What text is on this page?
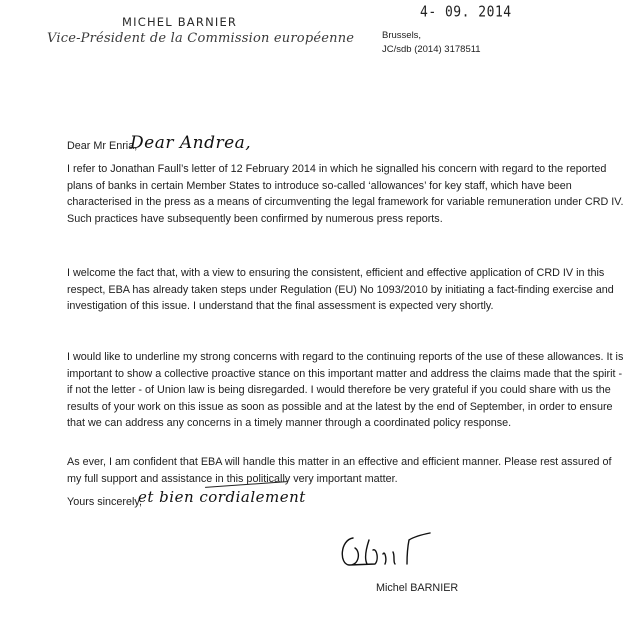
MICHEL BARNIER
Vice-Président de la Commission européenne
4- 09. 2014
Brussels,
JC/sdb (2014) 3178511
Dear Mr Enria,
Dear Andrea,

I refer to Jonathan Faull’s letter of 12 February 2014 in which he signalled his concern with regard to the reported plans of banks in certain Member States to introduce so-called ‘allowances’ for key staff, which have been characterised in the press as a means of circumventing the legal framework for variable remuneration under CRD IV. Such practices have subsequently been confirmed by numerous press reports.

I welcome the fact that, with a view to ensuring the consistent, efficient and effective application of CRD IV in this respect, EBA has already taken steps under Regulation (EU) No 1093/2010 by initiating a fact-finding exercise and investigation of this issue. I understand that the final assessment is expected very shortly.

I would like to underline my strong concerns with regard to the continuing reports of the use of these allowances. It is important to show a collective proactive stance on this important matter and address the claims made that the spirit - if not the letter - of Union law is being disregarded. I would therefore be very grateful if you could share with us the results of your work on this issue as soon as possible and at the latest by the end of September, in order to ensure that we can address any concerns in a timely manner through a coordinated policy response.

As ever, I am confident that EBA will handle this matter in an effective and efficient manner. Please rest assured of my full support and assistance in this politically very important matter.

Yours sincerely,
et bien cordialement
Michel BARNIER
